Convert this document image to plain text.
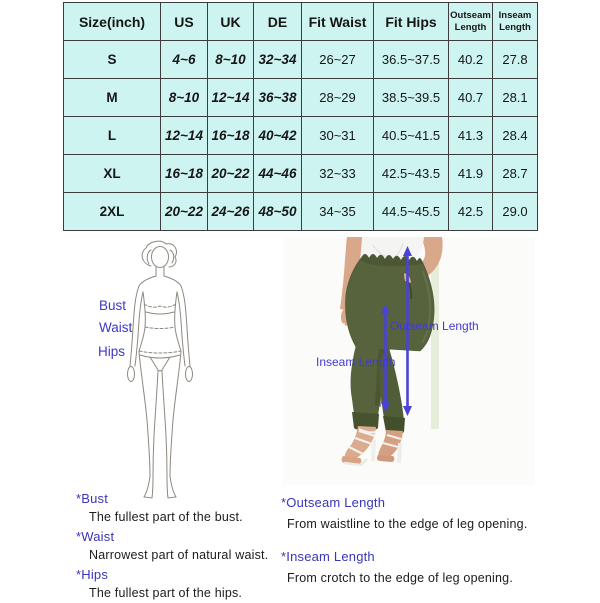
Size(inch)	US	UK	DE	Fit Waist	Fit Hips	Outseam Length	Inseam Length
S	4~6	8~10	32~34	26~27	36.5~37.5	40.2	27.8
M	8~10	12~14	36~38	28~29	38.5~39.5	40.7	28.1
L	12~14	16~18	40~42	30~31	40.5~41.5	41.3	28.4
XL	16~18	20~22	44~46	32~33	42.5~43.5	41.9	28.7
2XL	20~22	24~26	48~50	34~35	44.5~45.5	42.5	29.0
Bust
Waist
Hips
Outseam Length
Inseam Length
*Bust
The fullest part of the bust.
*Waist
Narrowest part of natural waist.
*Hips
The fullest part of the hips.
*Outseam Length
From waistline to the edge of leg opening.
*Inseam Length
From crotch to the edge of leg opening.
